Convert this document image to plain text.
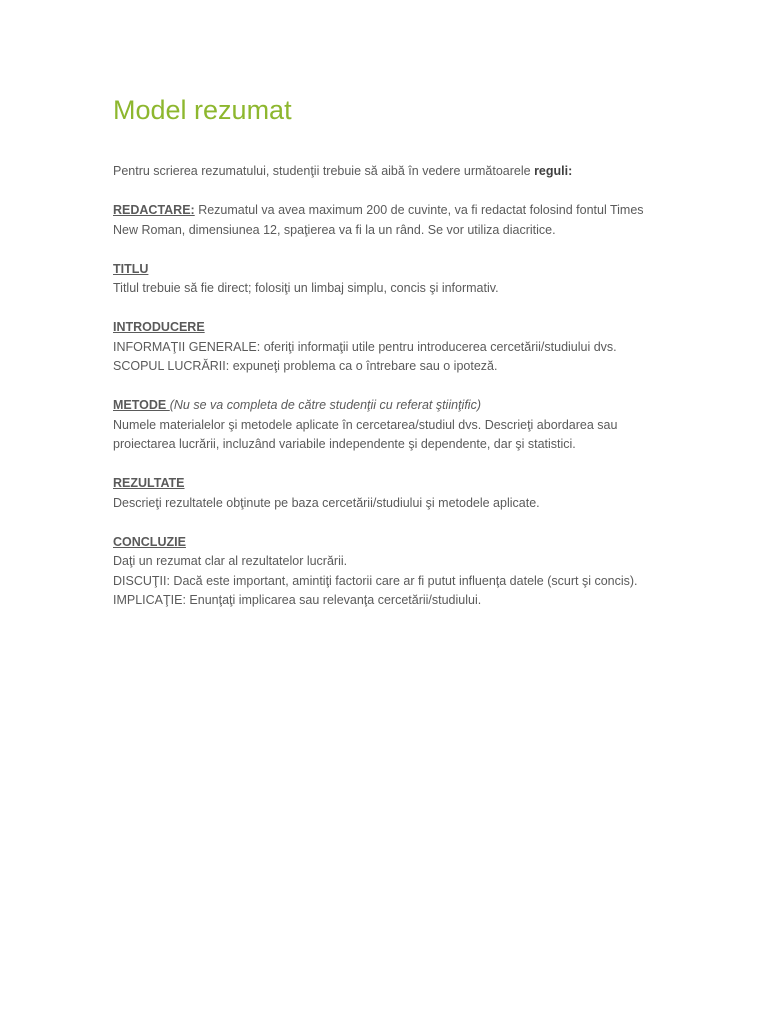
Model rezumat

Pentru scrierea rezumatului, studenţii trebuie să aibă în vedere următoarele reguli:

REDACTARE: Rezumatul va avea maximum 200 de cuvinte, va fi redactat folosind fontul Times New Roman, dimensiunea 12, spaţierea va fi la un rând. Se vor utiliza diacritice.

TITLU
Titlul trebuie să fie direct; folosiţi un limbaj simplu, concis şi informativ.

INTRODUCERE
INFORMAŢII GENERALE: oferiţi informaţii utile pentru introducerea cercetării/studiului dvs.
SCOPUL LUCRĂRII: expuneţi problema ca o întrebare sau o ipoteză.

METODE (Nu se va completa de către studenţii cu referat ştiinţific)
Numele materialelor şi metodele aplicate în cercetarea/studiul dvs. Descrieţi abordarea sau proiectarea lucrării, incluzând variabile independente şi dependente, dar şi statistici.

REZULTATE
Descrieţi rezultatele obţinute pe baza cercetării/studiului şi metodele aplicate.

CONCLUZIE
Daţi un rezumat clar al rezultatelor lucrării.
DISCUŢII: Dacă este important, amintiţi factorii care ar fi putut influenţa datele (scurt şi concis).
IMPLICAŢIE: Enunţaţi implicarea sau relevanţa cercetării/studiului.
